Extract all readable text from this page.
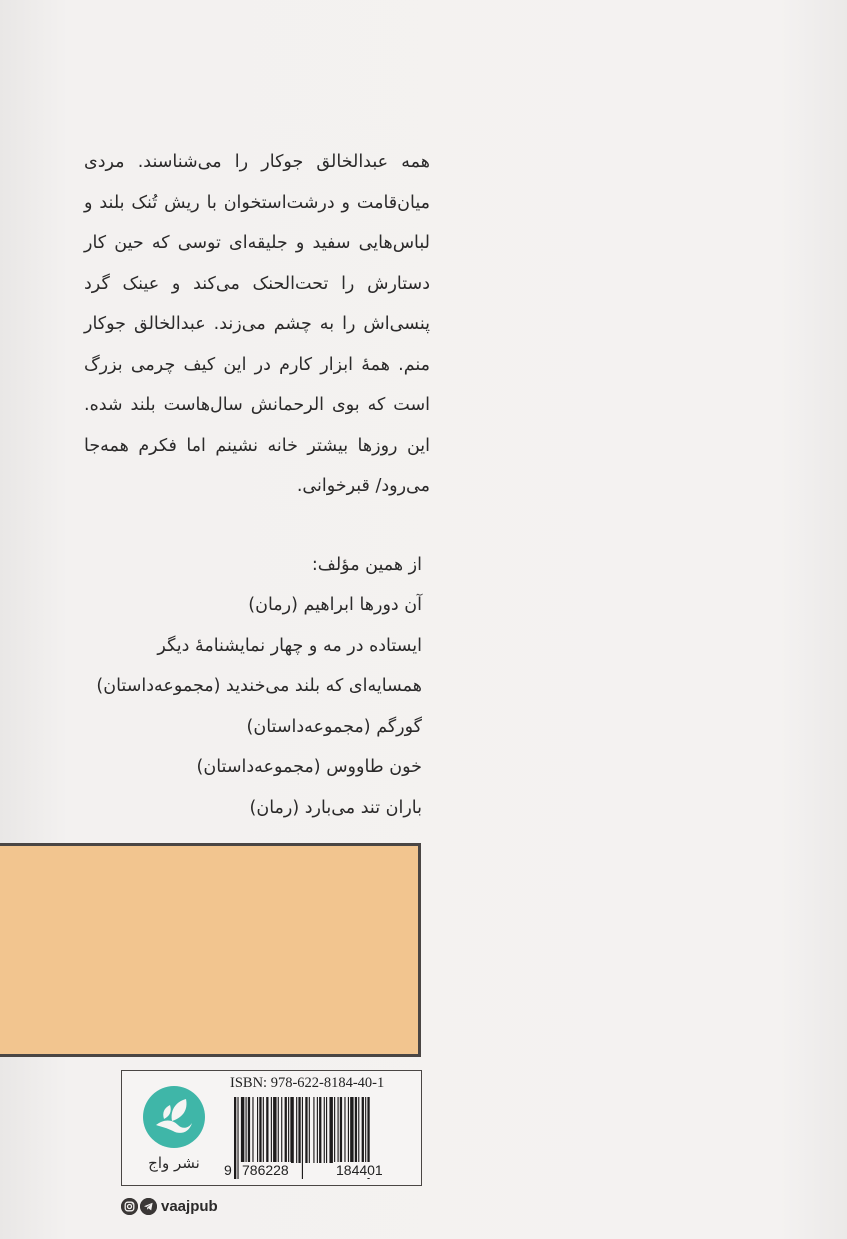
همه عبدالخالق جوکار را می‌شناسند. مردی میان‌قامت و درشت‌استخوان با ریش تُنک بلند و لباس‌هایی سفید و جلیقه‌ای توسی که حین کار دستارش را تحت‌الحنک می‌کند و عینک گرد پنسی‌اش را به چشم می‌زند. عبدالخالق جوکار منم. همهٔ ابزار کارم در این کیف چرمی بزرگ است که بوی الرحمانش سال‌هاست بلند شده. این روزها بیشتر خانه نشینم اما فکرم همه‌جا می‌رود/ قبرخوانی.

از همین مؤلف:

آن دورها ابراهیم (رمان)
ایستاده در مه و چهار نمایشنامهٔ دیگر
همسایه‌ای که بلند می‌خندید (مجموعه‌داستان)
گورگم (مجموعه‌داستان)
خون طاووس (مجموعه‌داستان)
باران تند می‌بارد (رمان)
نشر واج
ISBN: 978-622-8184-40-1
9 786228	184401
vaajpub
